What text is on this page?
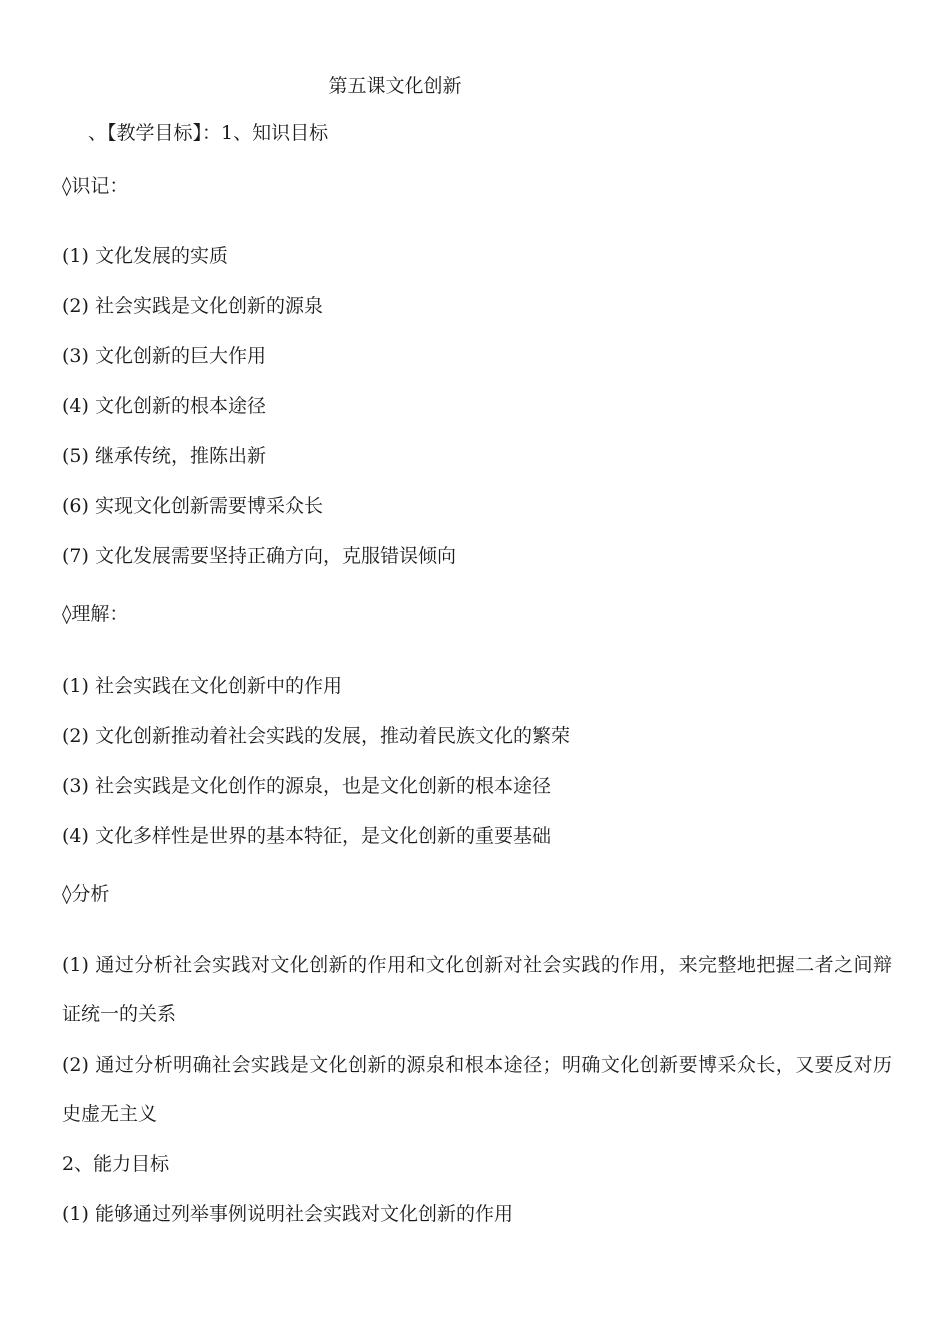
第五课文化创新
、【教学目标】：1、知识目标
◊识记：
(1) 文化发展的实质
(2) 社会实践是文化创新的源泉
(3) 文化创新的巨大作用
(4) 文化创新的根本途径
(5) 继承传统，推陈出新
(6) 实现文化创新需要博采众长
(7) 文化发展需要坚持正确方向，克服错误倾向
◊理解：
(1) 社会实践在文化创新中的作用
(2) 文化创新推动着社会实践的发展，推动着民族文化的繁荣
(3) 社会实践是文化创作的源泉，也是文化创新的根本途径
(4) 文化多样性是世界的基本特征，是文化创新的重要基础
◊分析
(1) 通过分析社会实践对文化创新的作用和文化创新对社会实践的作用，来完整地把握二者之间辩证统一的关系
(2) 通过分析明确社会实践是文化创新的源泉和根本途径；明确文化创新要博采众长，又要反对历史虚无主义
2、能力目标
(1) 能够通过列举事例说明社会实践对文化创新的作用
